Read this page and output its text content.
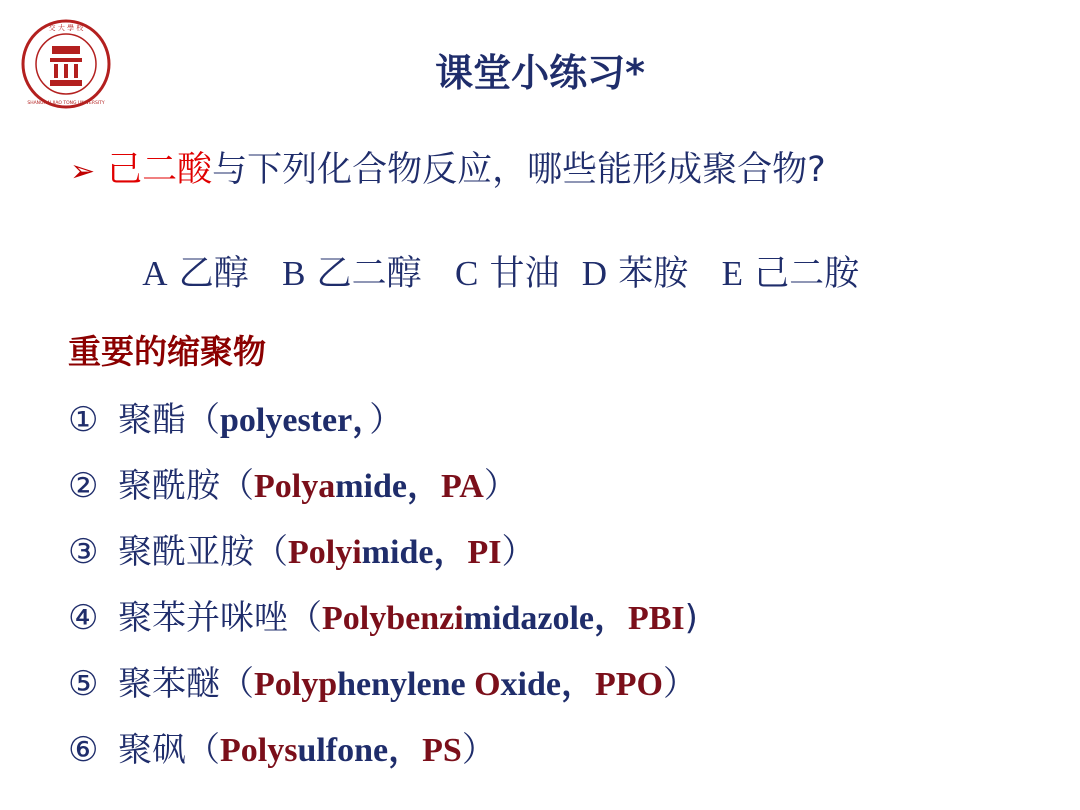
交 大 學 校
SHANGHAI JIAO TONG UNIVERSITY
1896	课堂小练习*
➢ 己二酸与下列化合物反应，哪些能形成聚合物?

A 乙醇 B 乙二醇 C 甘油 D 苯胺 E 己二胺

重要的缩聚物
① 聚酯（polyester，）
② 聚酰胺（Polyamide，PA）
③ 聚酰亚胺（Polyimide，PI）
④ 聚苯并咪唑（Polybenzimidazole，PBI)
⑤ 聚苯醚（Polyphenylene Oxide，PPO）
⑥ 聚砜（Polysulfone，PS）
